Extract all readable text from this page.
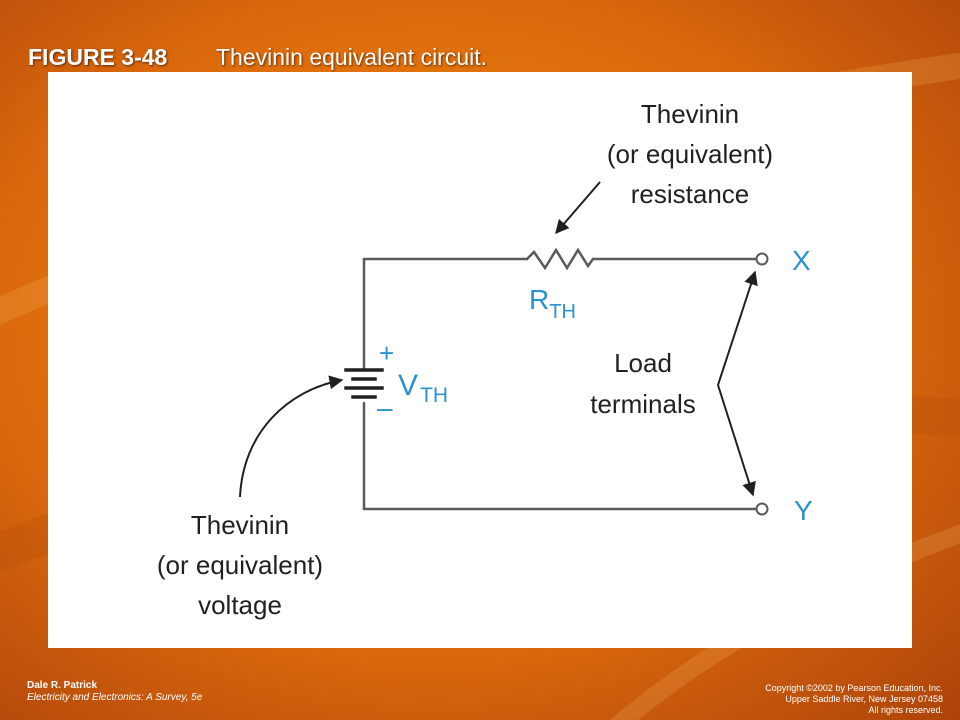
FIGURE 3-48 Thevinin equivalent circuit.
Thevinin
(or equivalent)
resistance
Thevinin
(or equivalent)
voltage
Load
terminals
$R_{TH}$
$V_{TH}$
+
–
X
Y
Dale R. Patrick
Electricity and Electronics: A Survey, 5e
Copyright ©2002 by Pearson Education, Inc.
Upper Saddle River, New Jersey 07458
All rights reserved.
